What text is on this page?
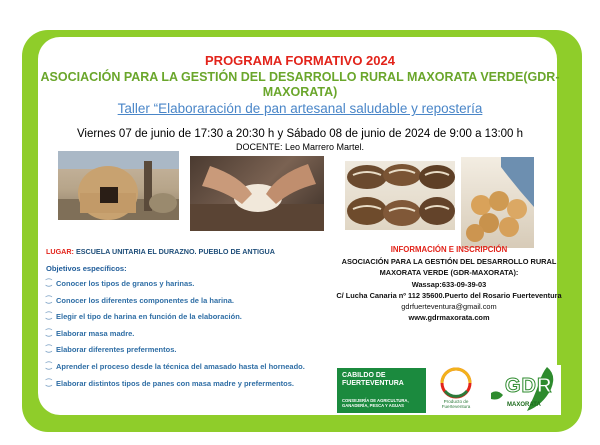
PROGRAMA FORMATIVO 2024
ASOCIACIÓN PARA LA GESTIÓN DEL DESARROLLO RURAL MAXORATA VERDE(GDR-MAXORATA)
Taller “Elaboraración de pan artesanal saludable y repostería
Viernes 07 de junio de 17:30 a 20:30 h y Sábado 08 de junio de 2024 de 9:00 a 13:00 h
DOCENTE: Leo Marrero Martel.
LUGAR: ESCUELA UNITARIA EL DURAZNO. PUEBLO DE ANTIGUA
Objetivos específicos:
⁐ Conocer los tipos de granos y harinas.
⁐ Conocer los diferentes componentes de la harina.
⁐ Elegir el tipo de harina en función de la elaboración.
⁐ Elaborar masa madre.
⁐ Elaborar diferentes prefermentos.
⁐ Aprender el proceso desde la técnica del amasado hasta el horneado.
⁐ Elaborar distintos tipos de panes con masa madre y prefermentos.
INFORMACIÓN E INSCRIPCIÓN
ASOCIACIÓN PARA LA GESTIÓN DEL DESARROLLO RURAL MAXORATA VERDE (GDR-MAXORATA):
Wassap:633-09-39-03
C/ Lucha Canaria nº 112 35600.Puerto del Rosario Fuerteventura
gdrfuerteventura@gmail.com
www.gdrmaxorata.com
CABILDO DE FUERTEVENTURA
CONSEJERÍA DE AGRICULTURA, GANADERÍA, PESCA Y AGUAS
Producto de Fuerteventura
GDR
MAXORATA
